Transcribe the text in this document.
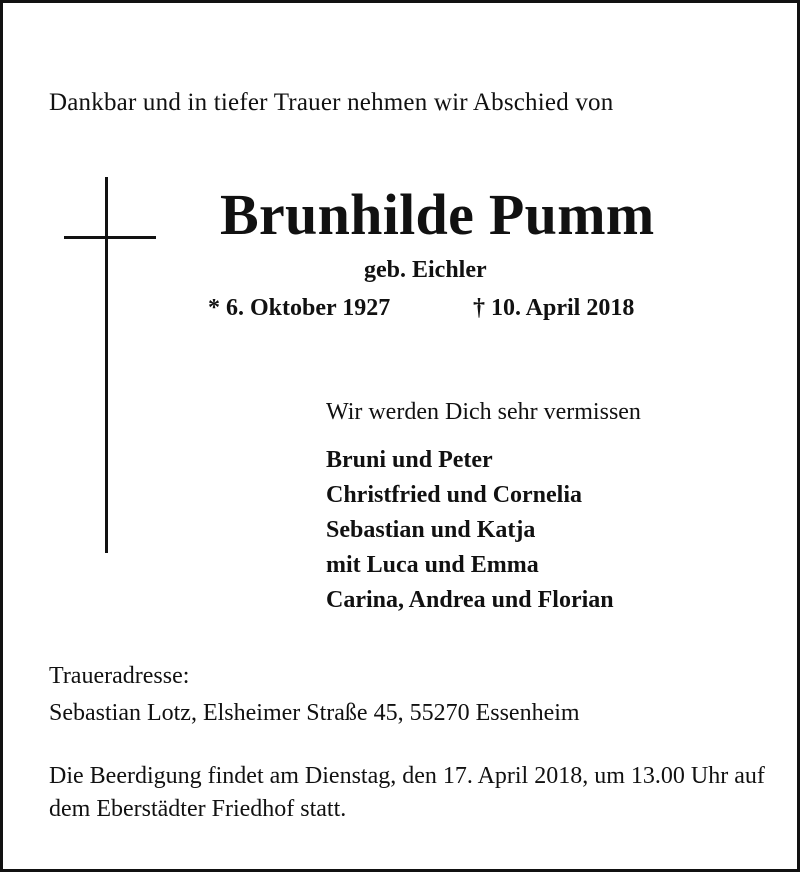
Dankbar und in tiefer Trauer nehmen wir Abschied von
Brunhilde Pumm
geb. Eichler
* 6. Oktober 1927	† 10. April 2018
Wir werden Dich sehr vermissen
Bruni und Peter
Christfried und Cornelia
Sebastian und Katja
mit Luca und Emma
Carina, Andrea und Florian
Traueradresse:
Sebastian Lotz, Elsheimer Straße 45, 55270 Essenheim
Die Beerdigung findet am Dienstag, den 17. April 2018, um 13.00 Uhr auf dem Eberstädter Friedhof statt.
